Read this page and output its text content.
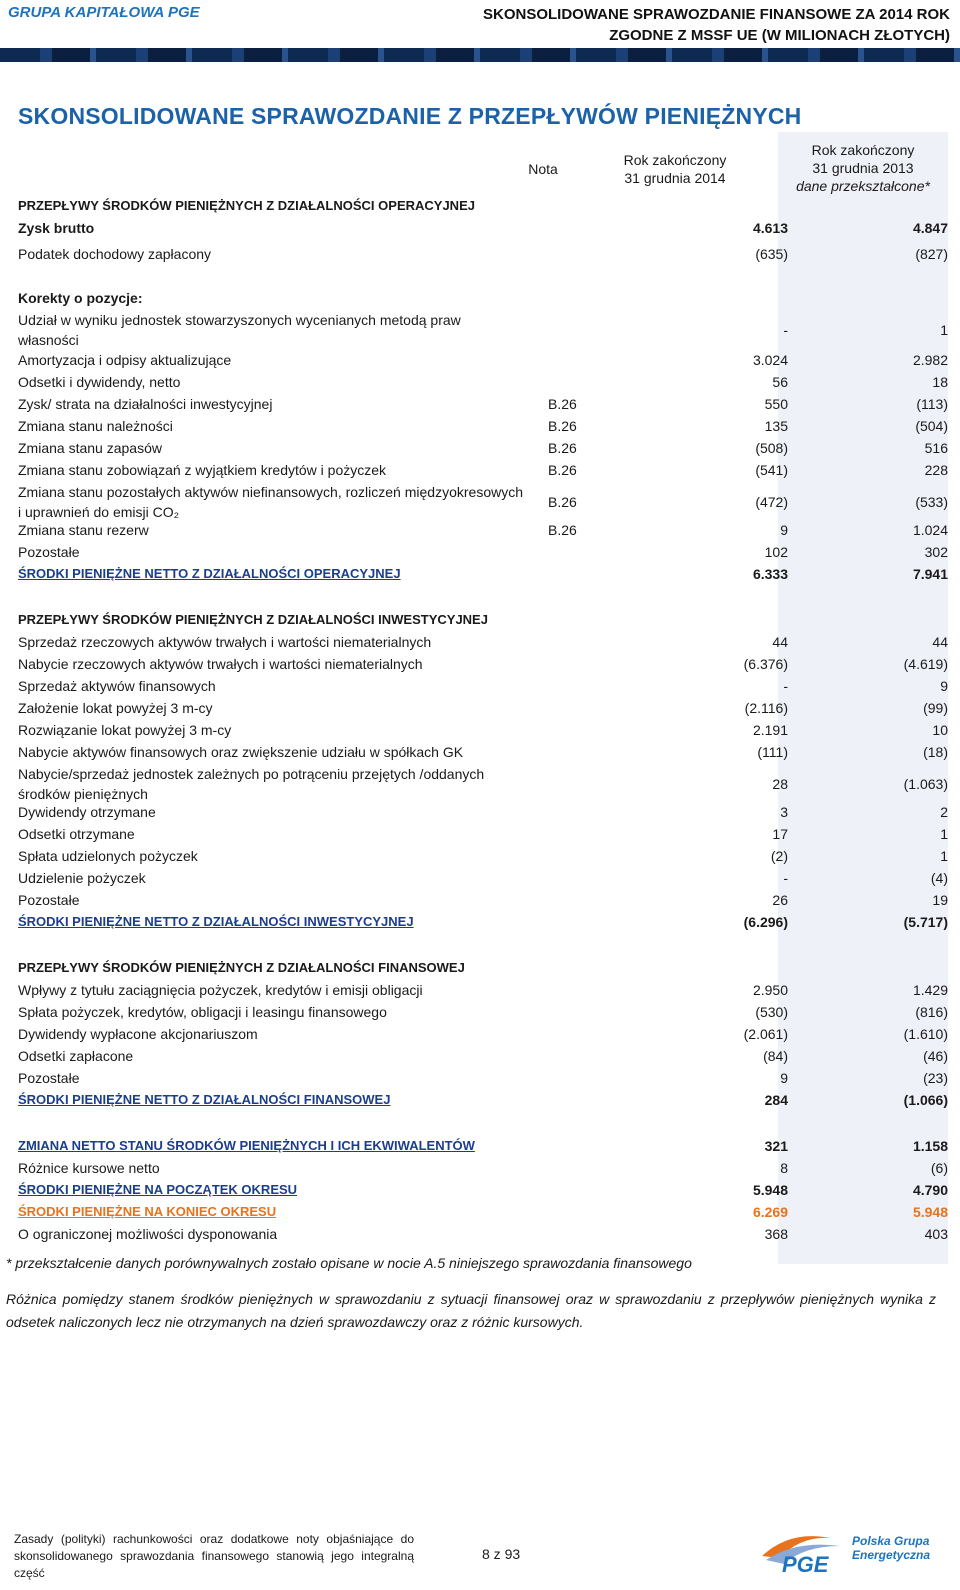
GRUPA KAPITAŁOWA PGE	SKONSOLIDOWANE SPRAWOZDANIE FINANSOWE ZA 2014 ROK
ZGODNE Z MSSF UE (W MILIONACH ZŁOTYCH)
SKONSOLIDOWANE SPRAWOZDANIE Z PRZEPŁYWÓW PIENIĘŻNYCH
Nota
Rok zakończony
31 grudnia 2014
Rok zakończony
31 grudnia 2013
dane przekształcone*
PRZEPŁYWY ŚRODKÓW PIENIĘŻNYCH Z DZIAŁALNOŚCI OPERACYJNEJ
Zysk brutto	4.613	4.847
Podatek dochodowy zapłacony	(635)	(827)
Korekty o pozycje:
Udział w wyniku jednostek stowarzyszonych wycenianych metodą praw własności
-	1
Amortyzacja i odpisy aktualizujące	3.024	2.982
Odsetki i dywidendy, netto	56	18
Zysk/ strata na działalności inwestycyjnej	B.26	550	(113)
Zmiana stanu należności	B.26	135	(504)
Zmiana stanu zapasów	B.26	(508)	516
Zmiana stanu zobowiązań z wyjątkiem kredytów i pożyczek	B.26	(541)	228
Zmiana stanu pozostałych aktywów niefinansowych, rozliczeń międzyokresowych i uprawnień do emisji CO₂
B.26	(472)	(533)
Zmiana stanu rezerw	B.26	9	1.024
Pozostałe	102	302
ŚRODKI PIENIĘŻNE NETTO Z DZIAŁALNOŚCI OPERACYJNEJ	6.333	7.941
PRZEPŁYWY ŚRODKÓW PIENIĘŻNYCH Z DZIAŁALNOŚCI INWESTYCYJNEJ
Sprzedaż rzeczowych aktywów trwałych i wartości niematerialnych	44	44
Nabycie rzeczowych aktywów trwałych i wartości niematerialnych	(6.376)	(4.619)
Sprzedaż aktywów finansowych	-	9
Założenie lokat powyżej 3 m-cy	(2.116)	(99)
Rozwiązanie lokat powyżej 3 m-cy	2.191	10
Nabycie aktywów finansowych oraz zwiększenie udziału w spółkach GK	(111)	(18)
Nabycie/sprzedaż jednostek zależnych po potrąceniu przejętych /oddanych środków pieniężnych
28	(1.063)
Dywidendy otrzymane	3	2
Odsetki otrzymane	17	1
Spłata udzielonych pożyczek	(2)	1
Udzielenie pożyczek	-	(4)
Pozostałe	26	19
ŚRODKI PIENIĘŻNE NETTO Z DZIAŁALNOŚCI INWESTYCYJNEJ	(6.296)	(5.717)
PRZEPŁYWY ŚRODKÓW PIENIĘŻNYCH Z DZIAŁALNOŚCI FINANSOWEJ
Wpływy z tytułu zaciągnięcia pożyczek, kredytów i emisji obligacji	2.950	1.429
Spłata pożyczek, kredytów, obligacji i leasingu finansowego	(530)	(816)
Dywidendy wypłacone akcjonariuszom	(2.061)	(1.610)
Odsetki zapłacone	(84)	(46)
Pozostałe	9	(23)
ŚRODKI PIENIĘŻNE NETTO Z DZIAŁALNOŚCI FINANSOWEJ	284	(1.066)
ZMIANA NETTO STANU ŚRODKÓW PIENIĘŻNYCH I ICH EKWIWALENTÓW	321	1.158
Różnice kursowe netto	8	(6)
ŚRODKI PIENIĘŻNE NA POCZĄTEK OKRESU	5.948	4.790
ŚRODKI PIENIĘŻNE NA KONIEC OKRESU	6.269	5.948
O ograniczonej możliwości dysponowania	368	403
* przekształcenie danych porównywalnych zostało opisane w nocie A.5 niniejszego sprawozdania finansowego
Różnica pomiędzy stanem środków pieniężnych w sprawozdaniu z sytuacji finansowej oraz w sprawozdaniu z przepływów pieniężnych wynika z odsetek naliczonych lecz nie otrzymanych na dzień sprawozdawczy oraz z różnic kursowych.
Zasady (polityki) rachunkowości oraz dodatkowe noty objaśniające do skonsolidowanego sprawozdania finansowego stanowią jego integralną część
8 z 93	PGE
Polska Grupa
Energetyczna
